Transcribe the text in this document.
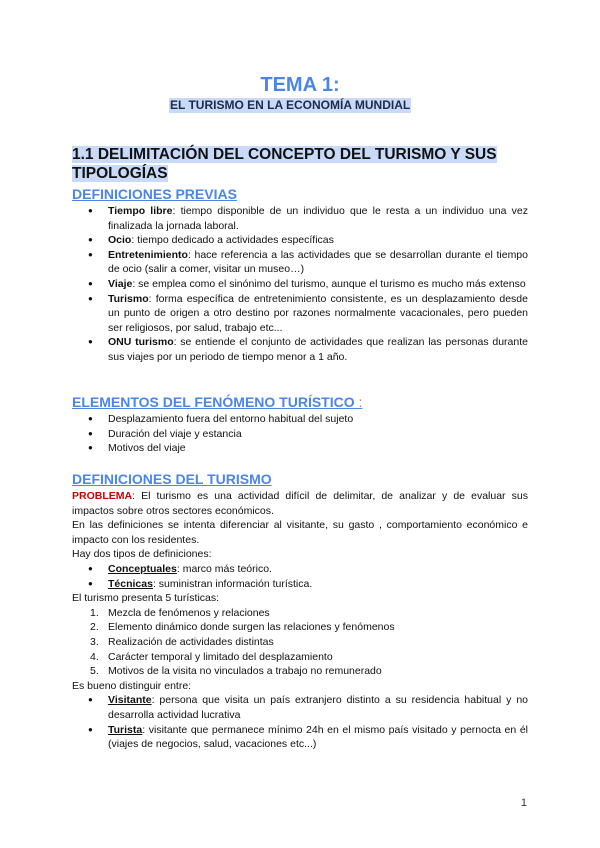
TEMA 1:
EL TURISMO EN LA ECONOMÍA MUNDIAL
1.1 DELIMITACIÓN DEL CONCEPTO DEL TURISMO Y SUS TIPOLOGÍAS
DEFINICIONES PREVIAS
● Tiempo libre: tiempo disponible de un individuo que le resta a un individuo una vez finalizada la jornada laboral.
● Ocio: tiempo dedicado a actividades específicas
● Entretenimiento: hace referencia a las actividades que se desarrollan durante el tiempo de ocio (salir a comer, visitar un museo…)
● Viaje: se emplea como el sinónimo del turismo, aunque el turismo es mucho más extenso
● Turismo: forma específica de entretenimiento consistente, es un desplazamiento desde un punto de origen a otro destino por razones normalmente vacacionales, pero pueden ser religiosos, por salud, trabajo etc...
● ONU turismo: se entiende el conjunto de actividades que realizan las personas durante sus viajes por un periodo de tiempo menor a 1 año.
ELEMENTOS DEL FENÓMENO TURÍSTICO :
● Desplazamiento fuera del entorno habitual del sujeto
● Duración del viaje y estancia
● Motivos del viaje
DEFINICIONES DEL TURISMO

PROBLEMA: El turismo es una actividad difícil de delimitar, de analizar y de evaluar sus impactos sobre otros sectores económicos.

En las definiciones se intenta diferenciar al visitante, su gasto , comportamiento económico e impacto con los residentes.

Hay dos tipos de definiciones:

● Conceptuales: marco más teórico.
● Técnicas: suministran información turística.

El turismo presenta 5 turísticas:

1. Mezcla de fenómenos y relaciones
2. Elemento dinámico donde surgen las relaciones y fenómenos
3. Realización de actividades distintas
4. Carácter temporal y limitado del desplazamiento
5. Motivos de la visita no vinculados a trabajo no remunerado

Es bueno distinguir entre:

● Visitante: persona que visita un país extranjero distinto a su residencia habitual y no desarrolla actividad lucrativa
● Turista: visitante que permanece mínimo 24h en el mismo país visitado y pernocta en él (viajes de negocios, salud, vacaciones etc...)
1
